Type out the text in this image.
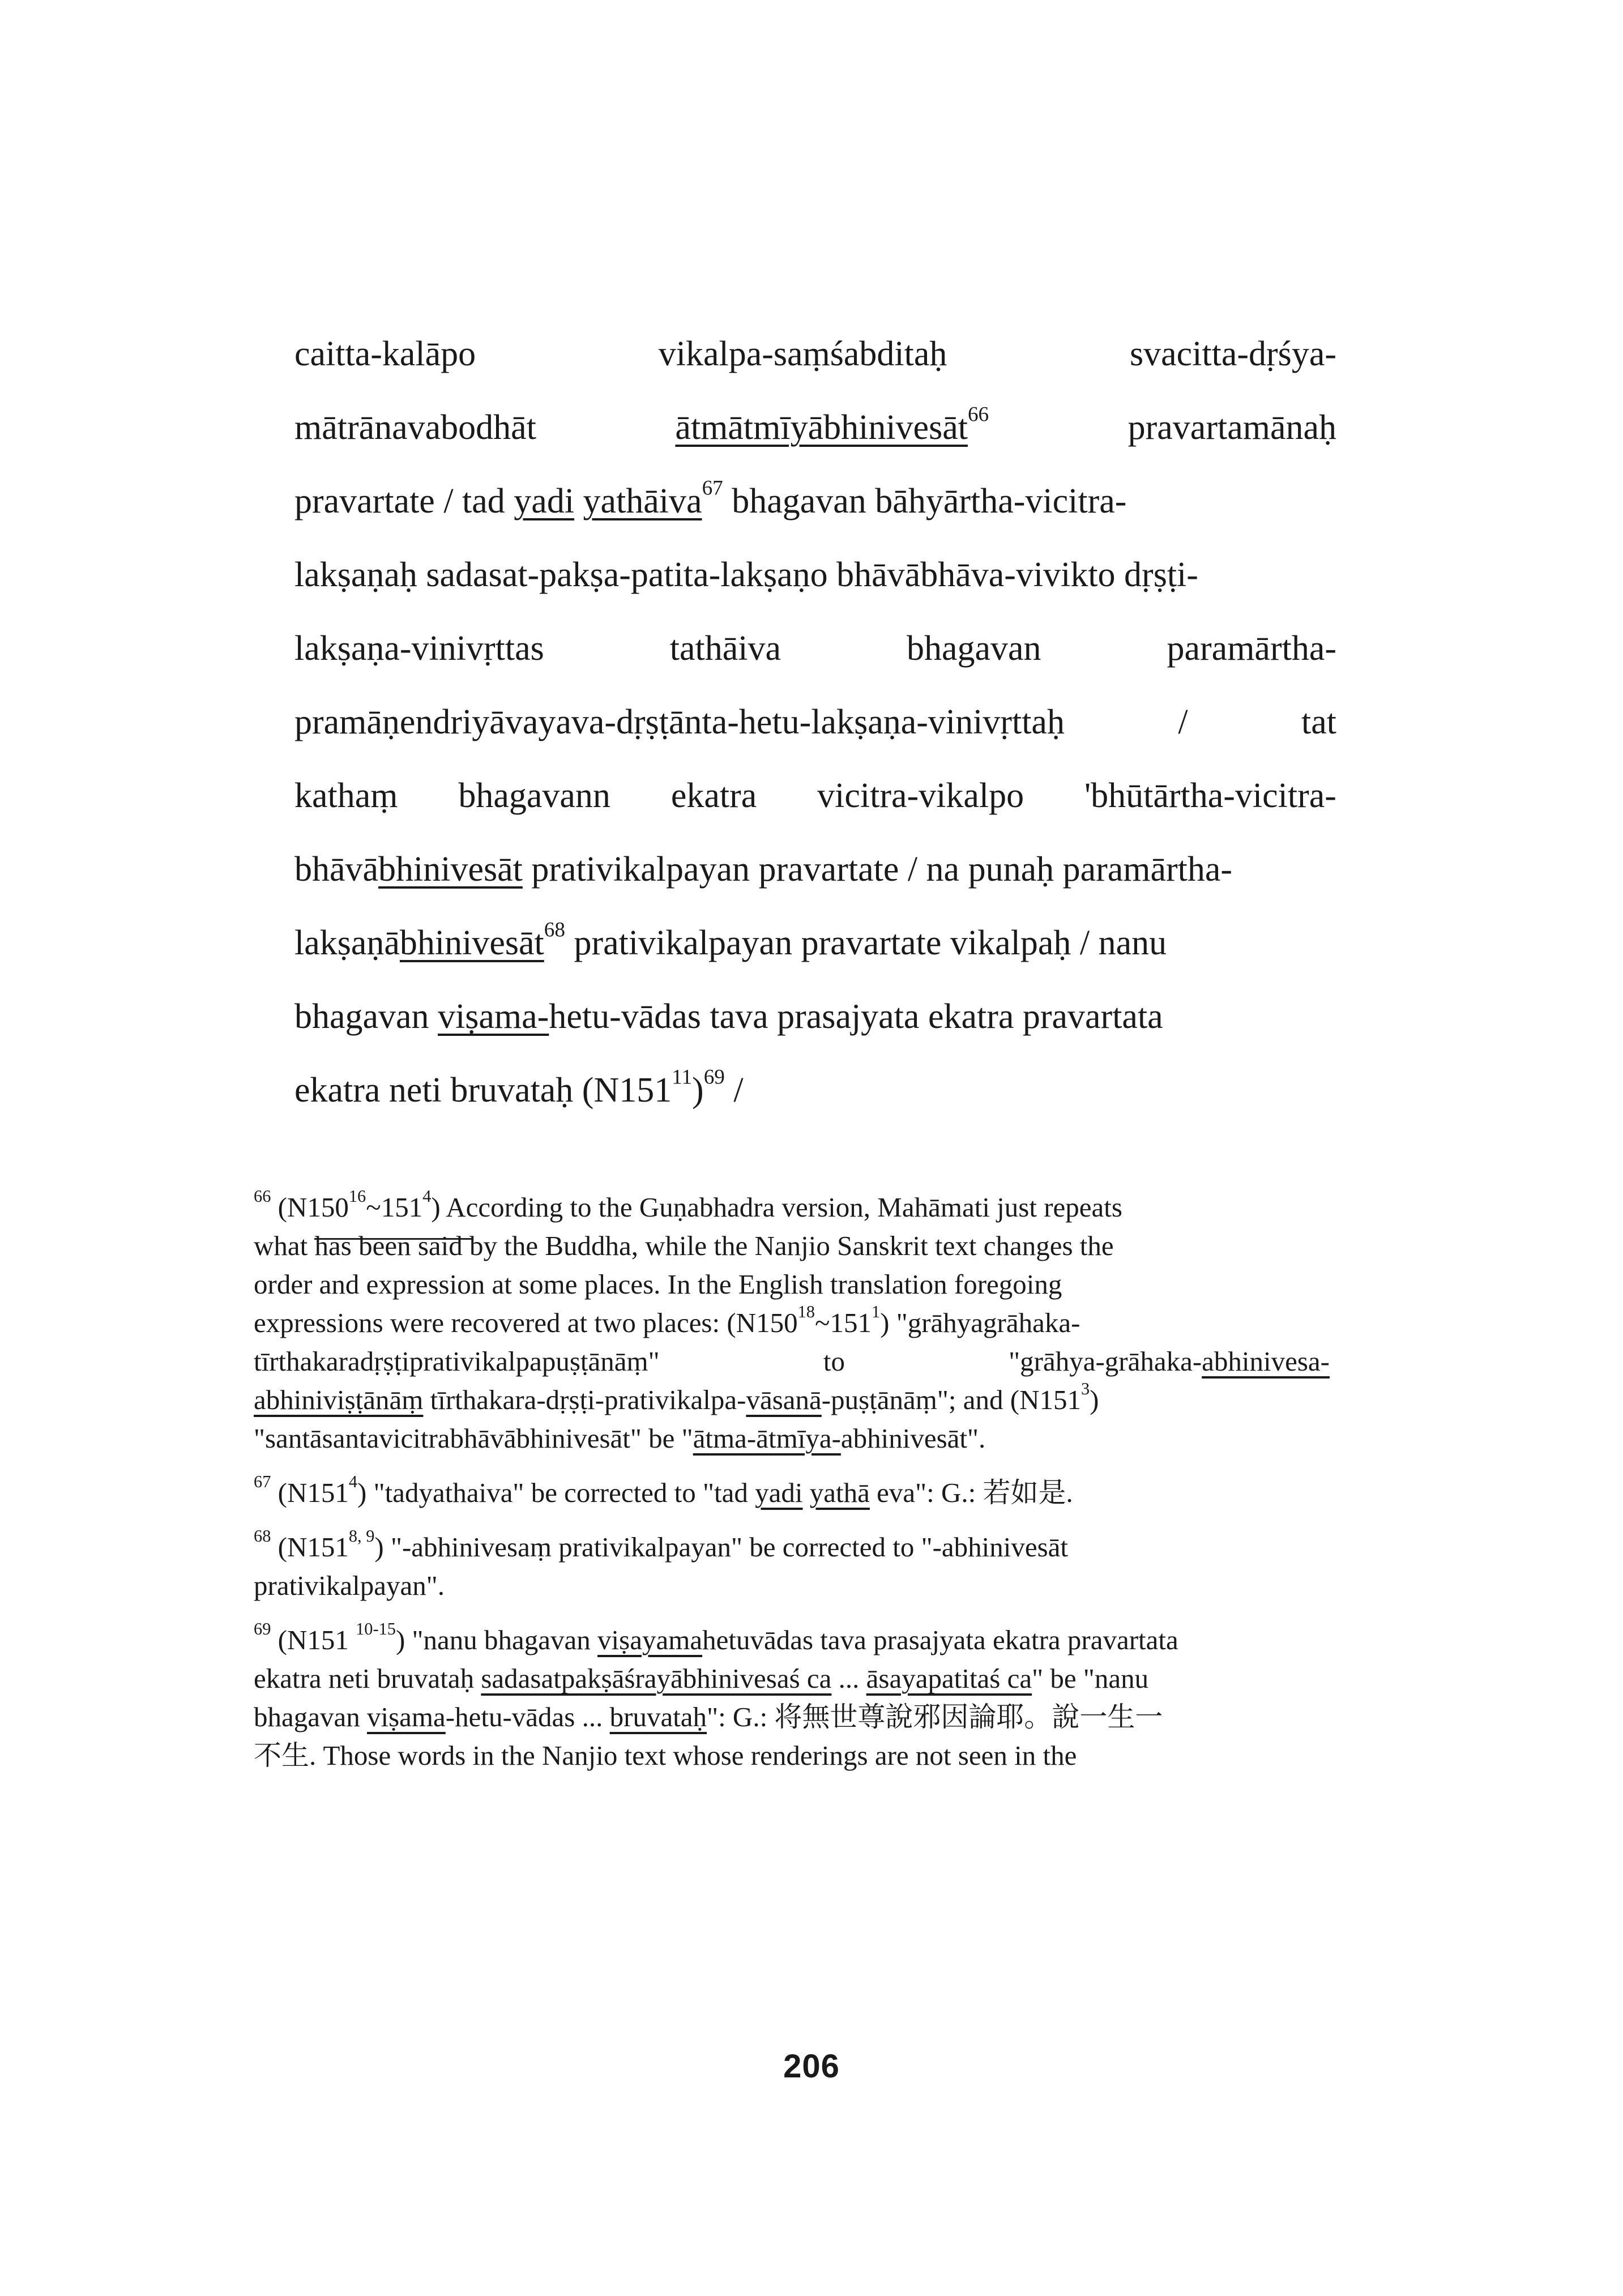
caitta-kalāpo	vikalpa-saṃśabditaḥ	svacitta-dṛśya-
mātrānavabodhāt	ātmātmīyābhinivesāt$^{66}$	pravartamānaḥ
pravartate / tad yadi yathāiva$^{67}$ bhagavan bāhyārtha-vicitra-
lakṣaṇaḥ sadasat-pakṣa-patita-lakṣaṇo bhāvābhāva-vivikto dṛṣṭi-
lakṣaṇa-vinivṛttas	tathāiva	bhagavan	paramārtha-
pramāṇendriyāvayava-dṛṣṭānta-hetu-lakṣaṇa-vinivṛttaḥ	/	tat
kathaṃ bhagavann ekatra vicitra-vikalpo 'bhūtārtha-vicitra-
bhāvābhinivesāt prativikalpayan pravartate / na punaḥ paramārtha-
lakṣaṇābhinivesāt$^{68}$ prativikalpayan pravartate vikalpaḥ / nanu
bhagavan viṣama-hetu-vādas tava prasajyata ekatra pravartata
ekatra neti bruvataḥ $(N151^{11})^{69}$ /
$^{66}$ $(N150^{16}\sim 151^4)$ According to the Guṇabhadra version, Mahāmati just repeats
what has been said by the Buddha, while the Nanjio Sanskrit text changes the
order and expression at some places. In the English translation foregoing
expressions were recovered at two places: $(N150^{18}\sim 151^1)$ "grāhyagrāhaka-
tīrthakaradṛṣṭiprativikalpapuṣṭānāṃ"	to	"grāhya-grāhaka-abhinivesa-
abhiniviṣṭānāṃ tīrthakara-dṛṣṭi-prativikalpa-vāsanā-puṣṭānāṃ"; and $(N151^3)$
"santāsantavicitrabhāvābhinivesāt" be "ātma-ātmīya-abhinivesāt".
$^{67}$ $(N151^4)$ "tadyathaiva" be corrected to "tad yadi yathā eva": G.: 若如是.
$^{68}$ (N151$^{8, 9}$) "-abhinivesaṃ prativikalpayan" be corrected to "-abhinivesāt
prativikalpayan".
$^{69}$ (N151 $^{10-15}$) "nanu bhagavan viṣayamahetuvādas tava prasajyata ekatra pravartata
ekatra neti bruvataḥ sadasatpakṣāśrayābhinivesaś ca ... āsayapatitaś ca" be "nanu
bhagavan viṣama-hetu-vādas ... bruvataḥ": G.: 将無世尊說邪因論耶。說一生一
不生. Those words in the Nanjio text whose renderings are not seen in the
206
